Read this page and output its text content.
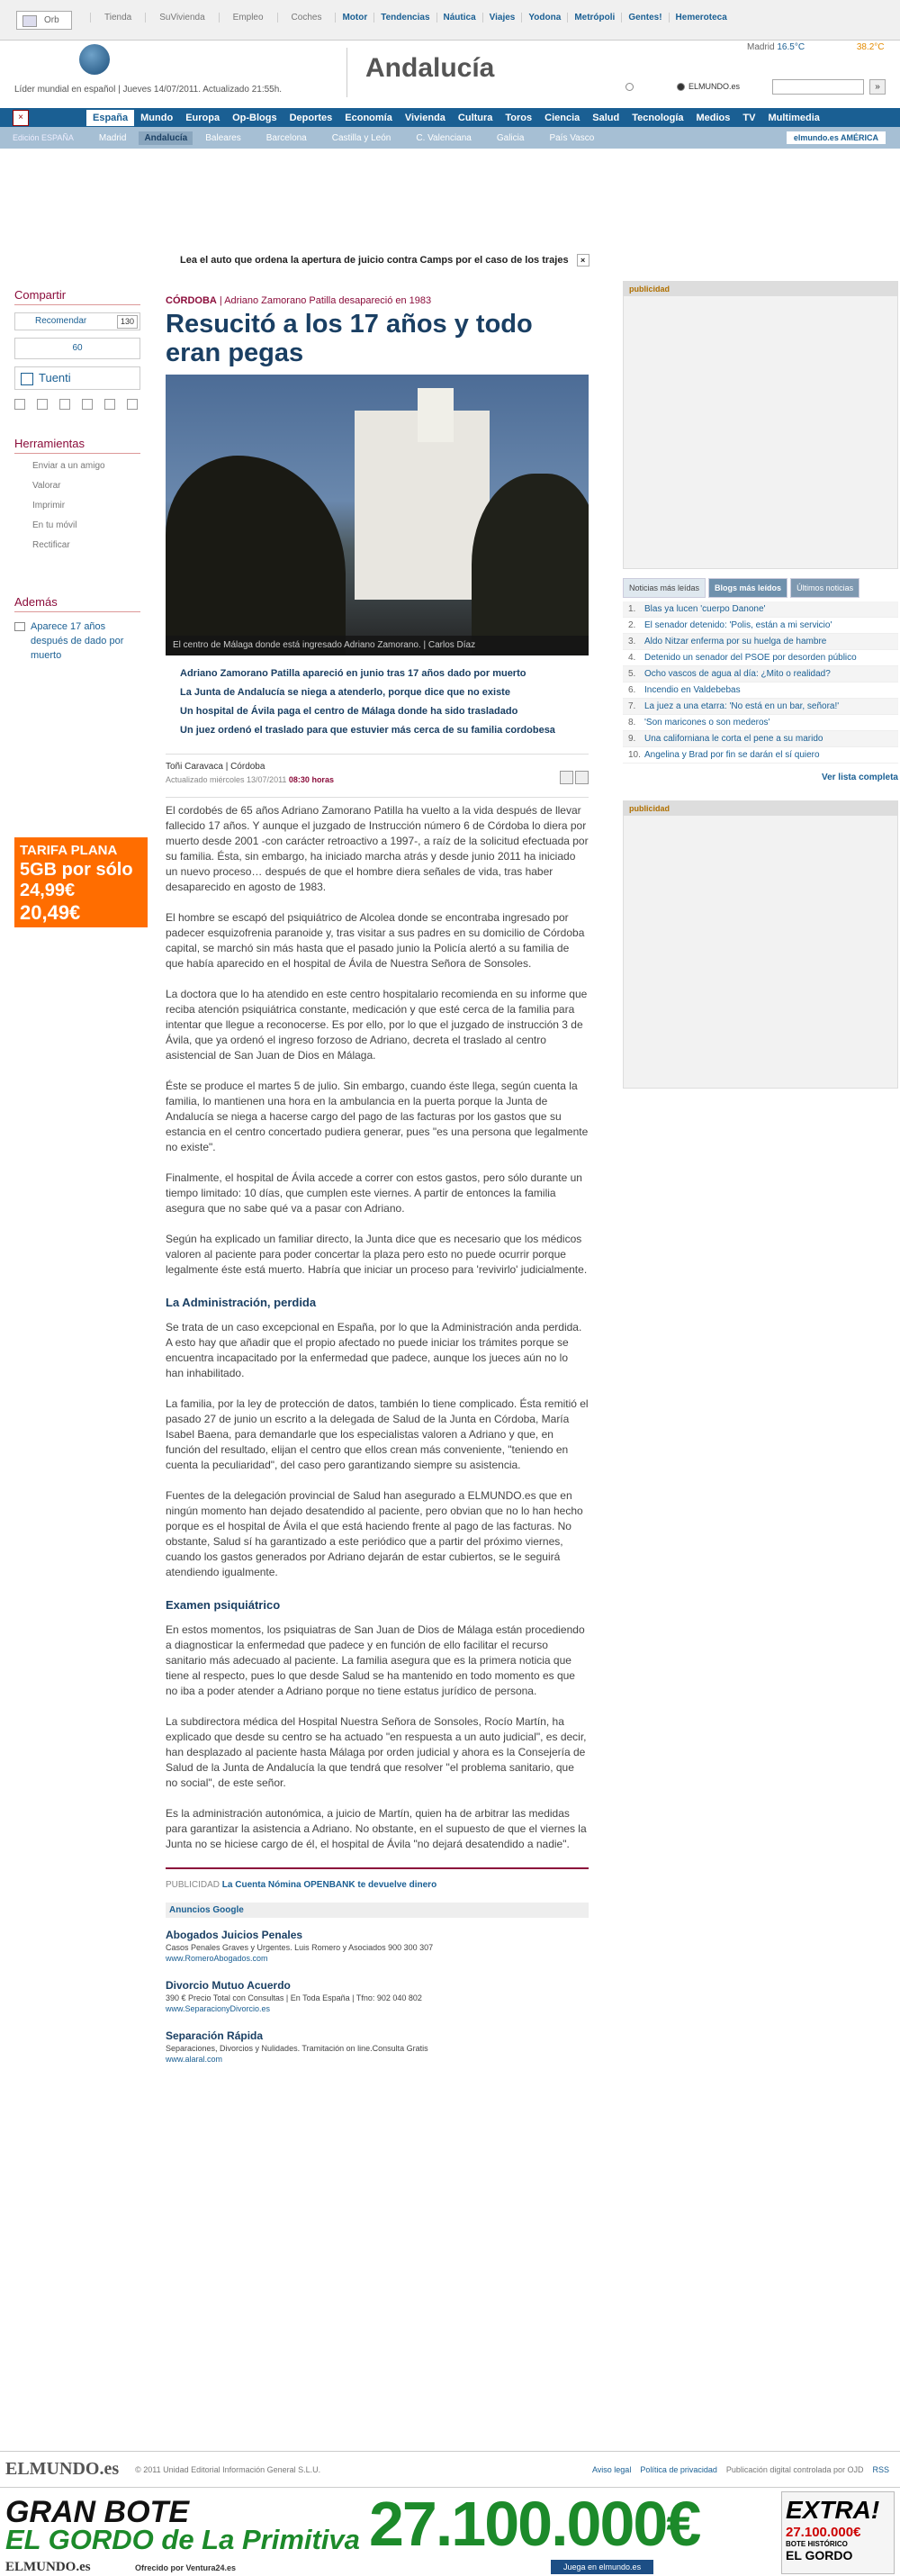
Orb	Tienda	SuVivienda	Empleo	Coches	Motor	Tendencias	Náutica	Viajes	Yodona	Metrópoli	Gentes!	Hemeroteca
Líder mundial en español | Jueves 14/07/2011. Actualizado 21:55h.
Andalucía
Madrid 16.5°C	38.2°C
ELMUNDO.es	»
×	España	Mundo	Europa	Op-Blogs	Deportes	Economía	Vivienda	Cultura	Toros	Ciencia	Salud	Tecnología	Medios	TV	Multimedia
Edición ESPAÑA	Madrid	Andalucía	Baleares	Barcelona	Castilla y León	C. Valenciana	Galicia	País Vasco	elmundo.es AMÉRICA
Lea el auto que ordena la apertura de juicio contra Camps por el caso de los trajes ×
Compartir
Recomendar	130
60
Tuenti
Herramientas
Enviar a un amigo
Valorar
Imprimir
En tu móvil
Rectificar
Además
Aparece 17 años después de dado por muerto
TARIFA PLANA
5GB por sólo 24,99€
20,49€
LOS 4 PRIMEROS MESES · SÓLO HASTA EL 20 DE JULIO
CÓRDOBA | Adriano Zamorano Patilla desapareció en 1983
Resucitó a los 17 años y todo eran pegas
El centro de Málaga donde está ingresado Adriano Zamorano. | Carlos Díaz
Adriano Zamorano Patilla apareció en junio tras 17 años dado por muerto
La Junta de Andalucía se niega a atenderlo, porque dice que no existe
Un hospital de Ávila paga el centro de Málaga donde ha sido trasladado
Un juez ordenó el traslado para que estuvier más cerca de su familia cordobesa
Toñi Caravaca | Córdoba
Actualizado miércoles 13/07/2011 08:30 horas

El cordobés de 65 años Adriano Zamorano Patilla ha vuelto a la vida después de llevar fallecido 17 años. Y aunque el juzgado de Instrucción número 6 de Córdoba lo diera por muerto desde 2001 -con carácter retroactivo a 1997-, a raíz de la solicitud efectuada por su familia. Ésta, sin embargo, ha iniciado marcha atrás y desde junio 2011 ha iniciado un nuevo proceso… después de que el hombre diera señales de vida, tras haber desaparecido en agosto de 1983.

El hombre se escapó del psiquiátrico de Alcolea donde se encontraba ingresado por padecer esquizofrenia paranoide y, tras visitar a sus padres en su domicilio de Córdoba capital, se marchó sin más hasta que el pasado junio la Policía alertó a su familia de que había aparecido en el hospital de Ávila de Nuestra Señora de Sonsoles.

La doctora que lo ha atendido en este centro hospitalario recomienda en su informe que reciba atención psiquiátrica constante, medicación y que esté cerca de la familia para intentar que llegue a reconocerse. Es por ello, por lo que el juzgado de instrucción 3 de Ávila, que ya ordenó el ingreso forzoso de Adriano, decreta el traslado al centro asistencial de San Juan de Dios en Málaga.

Éste se produce el martes 5 de julio. Sin embargo, cuando éste llega, según cuenta la familia, lo mantienen una hora en la ambulancia en la puerta porque la Junta de Andalucía se niega a hacerse cargo del pago de las facturas por los gastos que su estancia en el centro concertado pudiera generar, pues "es una persona que legalmente no existe".

Finalmente, el hospital de Ávila accede a correr con estos gastos, pero sólo durante un tiempo limitado: 10 días, que cumplen este viernes. A partir de entonces la familia asegura que no sabe qué va a pasar con Adriano.

Según ha explicado un familiar directo, la Junta dice que es necesario que los médicos valoren al paciente para poder concertar la plaza pero esto no puede ocurrir porque legalmente éste está muerto. Habría que iniciar un proceso para 'revivirlo' judicialmente.

La Administración, perdida

Se trata de un caso excepcional en España, por lo que la Administración anda perdida. A esto hay que añadir que el propio afectado no puede iniciar los trámites porque se encuentra incapacitado por la enfermedad que padece, aunque los jueces aún no lo han inhabilitado.

La familia, por la ley de protección de datos, también lo tiene complicado. Ésta remitió el pasado 27 de junio un escrito a la delegada de Salud de la Junta en Córdoba, María Isabel Baena, para demandarle que los especialistas valoren a Adriano y que, en función del resultado, elijan el centro que ellos crean más conveniente, "teniendo en cuenta la peculiaridad", del caso pero garantizando siempre su asistencia.

Fuentes de la delegación provincial de Salud han asegurado a ELMUNDO.es que en ningún momento han dejado desatendido al paciente, pero obvian que no lo han hecho porque es el hospital de Ávila el que está haciendo frente al pago de las facturas. No obstante, Salud sí ha garantizado a este periódico que a partir del próximo viernes, cuando los gastos generados por Adriano dejarán de estar cubiertos, se le seguirá atendiendo igualmente.

Examen psiquiátrico

En estos momentos, los psiquiatras de San Juan de Dios de Málaga están procediendo a diagnosticar la enfermedad que padece y en función de ello facilitar el recurso sanitario más adecuado al paciente. La familia asegura que es la primera noticia que tiene al respecto, pues lo que desde Salud se ha mantenido en todo momento es que no iba a poder atender a Adriano porque no tiene estatus jurídico de persona.

La subdirectora médica del Hospital Nuestra Señora de Sonsoles, Rocío Martín, ha explicado que desde su centro se ha actuado "en respuesta a un auto judicial", es decir, han desplazado al paciente hasta Málaga por orden judicial y ahora es la Consejería de Salud de la Junta de Andalucía la que tendrá que resolver "el problema sanitario, que no social", de este señor.

Es la administración autonómica, a juicio de Martín, quien ha de arbitrar las medidas para garantizar la asistencia a Adriano. No obstante, en el supuesto de que el viernes la Junta no se hiciese cargo de él, el hospital de Ávila "no dejará desatendido a nadie".

PUBLICIDAD La Cuenta Nómina OPENBANK te devuelve dinero
Anuncios Google
Abogados Juicios Penales
Casos Penales Graves y Urgentes. Luis Romero y Asociados 900 300 307
www.RomeroAbogados.com
Divorcio Mutuo Acuerdo
390 € Precio Total con Consultas | En Toda España | Tfno: 902 040 802
www.SeparacionyDivorcio.es
Separación Rápida
Separaciones, Divorcios y Nulidades. Tramitación on line.Consulta Gratis
www.alaral.com
publicidad
Noticias más leídas	Blogs más leídos	Últimos noticias
1. Blas ya lucen 'cuerpo Danone'
2. El senador detenido: 'Polis, están a mi servicio'
3. Aldo Nitzar enferma por su huelga de hambre
4. Detenido un senador del PSOE por desorden público
5. Ocho vascos de agua al día: ¿Mito o realidad?
6. Incendio en Valdebebas
7. La juez a una etarra: 'No está en un bar, señora!'
8. 'Son maricones o son mederos'
9. Una californiana le corta el pene a su marido
10. Angelina y Brad por fin se darán el sí quiero
Ver lista completa
publicidad
ELMUNDO.es © 2011 Unidad Editorial Información General S.L.U.	Aviso legal Política de privacidad Publicación digital controlada por OJD RSS
GRAN BOTE
EL GORDO de La Primitiva 27.100.000€
ELMUNDO.es	Ofrecido por Ventura24.es	Juega en elmundo.es
EXTRA!
27.100.000€
BOTE HISTÓRICO
EL GORDO
